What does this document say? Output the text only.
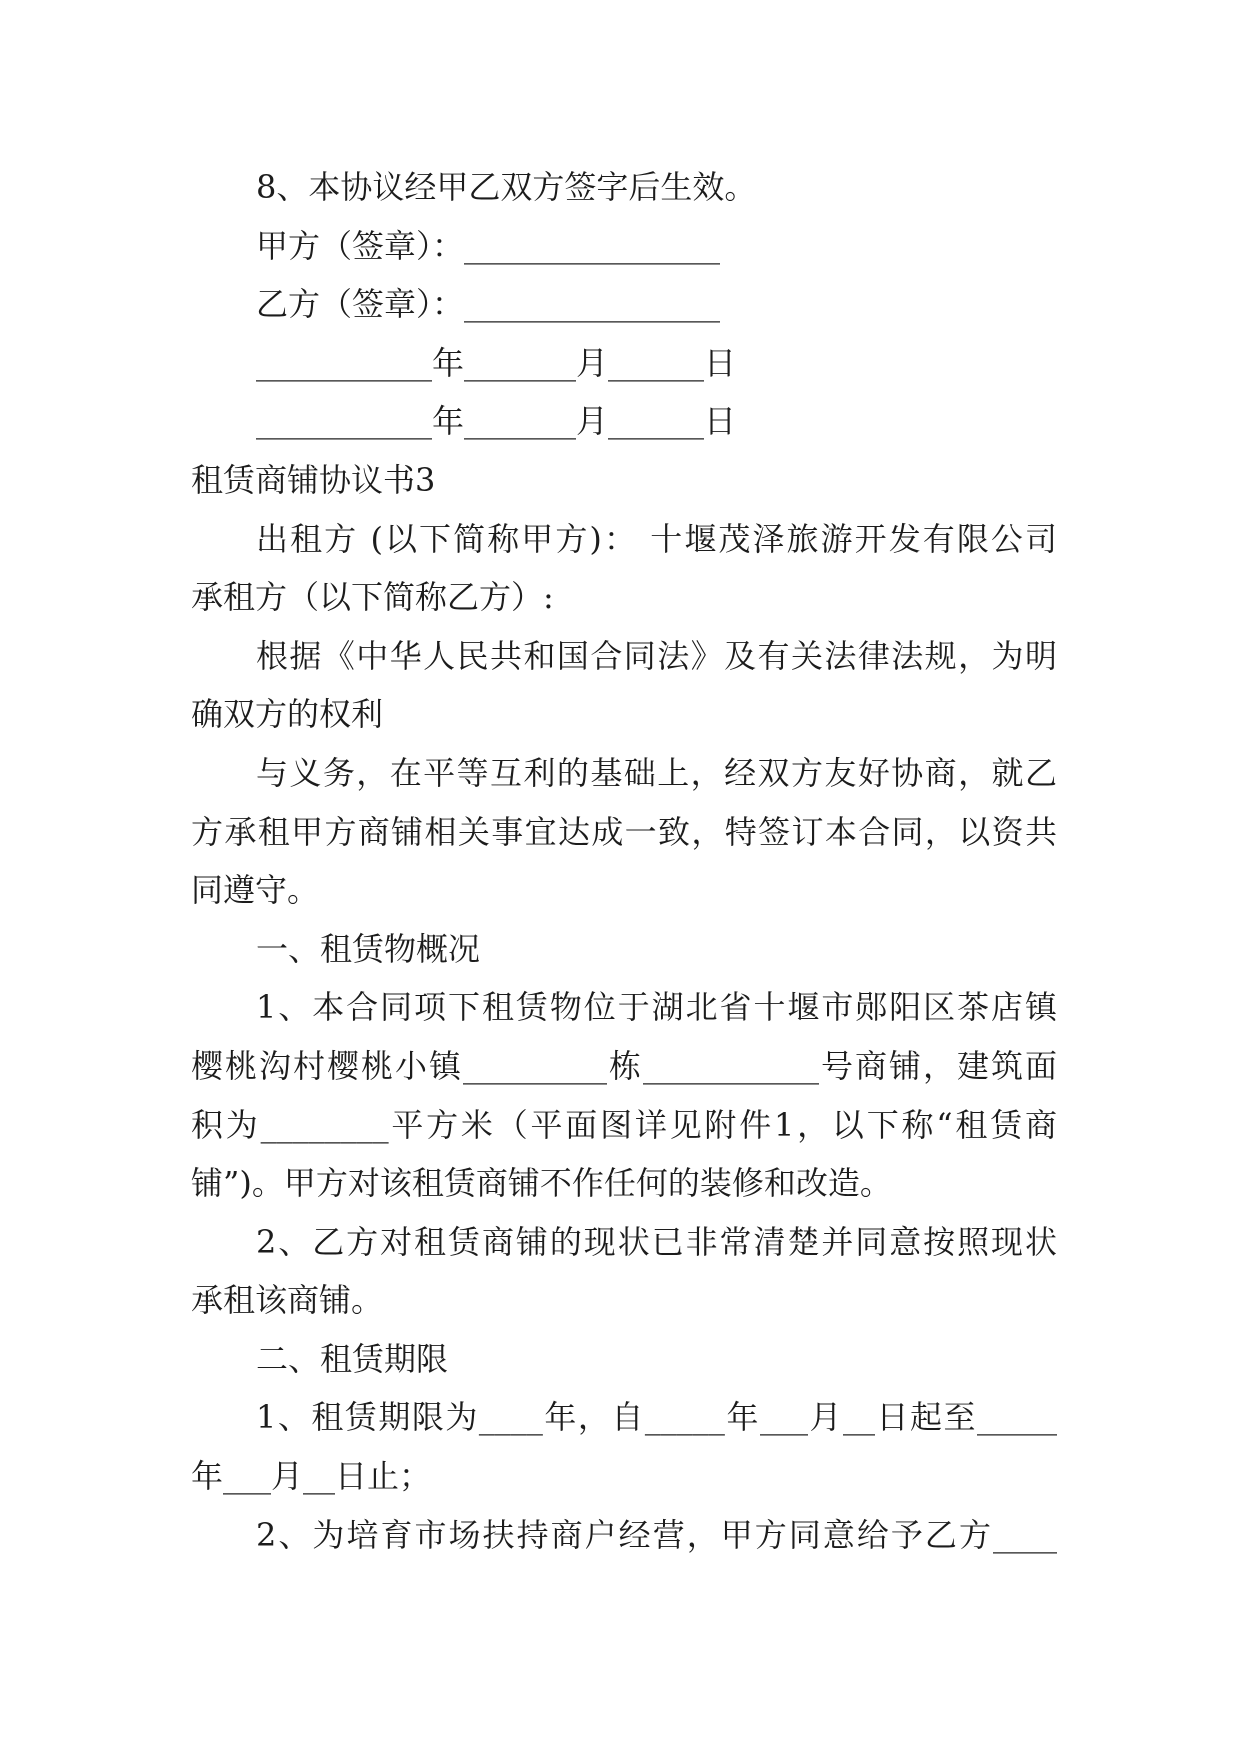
8、本协议经甲乙双方签字后生效。
甲方（签章）：________________
乙方（签章）：________________
___________年_______月______日
___________年_______月______日
租赁商铺协议书3
出租方 (以下简称甲方)： 十堰茂泽旅游开发有限公司
承租方（以下简称乙方）:
根据《中华人民共和国合同法》及有关法律法规，为明
确双方的权利
与义务，在平等互利的基础上，经双方友好协商，就乙
方承租甲方商铺相关事宜达成一致，特签订本合同，以资共
同遵守。
一、租赁物概况
1、本合同项下租赁物位于湖北省十堰市郧阳区茶店镇
樱桃沟村樱桃小镇_________栋___________号商铺，建筑面
积为________平方米（平面图详见附件1，以下称“租赁商
铺”)。甲方对该租赁商铺不作任何的装修和改造。
2、乙方对租赁商铺的现状已非常清楚并同意按照现状
承租该商铺。
二、租赁期限
1、租赁期限为____年，自_____年___月__日起至_____
年___月__日止；
2、为培育市场扶持商户经营，甲方同意给予乙方____
